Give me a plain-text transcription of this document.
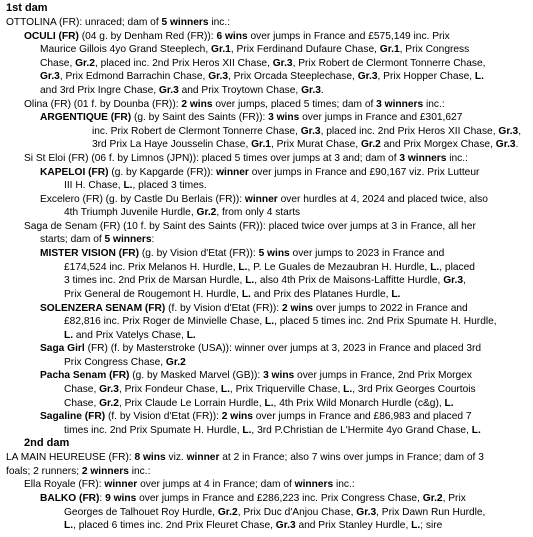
1st dam
OTTOLINA (FR): unraced; dam of 5 winners inc.:
OCULI (FR) (04 g. by Denham Red (FR)): 6 wins over jumps in France and £575,149 inc. Prix
Maurice Gillois 4yo Grand Steeplech, Gr.1, Prix Ferdinand Dufaure Chase, Gr.1, Prix Congress
Chase, Gr.2, placed inc. 2nd Prix Heros XII Chase, Gr.3, Prix Robert de Clermont Tonnerre Chase,
Gr.3, Prix Edmond Barrachin Chase, Gr.3, Prix Orcada Steeplechase, Gr.3, Prix Hopper Chase, L.
and 3rd Prix Ingre Chase, Gr.3 and Prix Troytown Chase, Gr.3.
Olina (FR) (01 f. by Dounba (FR)): 2 wins over jumps, placed 5 times; dam of 3 winners inc.:
ARGENTIQUE (FR) (g. by Saint des Saints (FR)): 3 wins over jumps in France and £301,627
inc. Prix Robert de Clermont Tonnerre Chase, Gr.3, placed inc. 2nd Prix Heros XII Chase, Gr.3,
3rd Prix La Haye Jousselin Chase, Gr.1, Prix Murat Chase, Gr.2 and Prix Morgex Chase, Gr.3.
Si St Eloi (FR) (06 f. by Limnos (JPN)): placed 5 times over jumps at 3 and; dam of 3 winners inc.:
KAPELOI (FR) (g. by Kapgarde (FR)): winner over jumps in France and £90,167 viz. Prix Lutteur
III H. Chase, L., placed 3 times.
Excelero (FR) (g. by Castle Du Berlais (FR)): winner over hurdles at 4, 2024 and placed twice, also
4th Triumph Juvenile Hurdle, Gr.2, from only 4 starts
Saga de Senam (FR) (10 f. by Saint des Saints (FR)): placed twice over jumps at 3 in France, all her
starts; dam of 5 winners:
MISTER VISION (FR) (g. by Vision d'Etat (FR)): 5 wins over jumps to 2023 in France and
£174,524 inc. Prix Melanos H. Hurdle, L., P. Le Guales de Mezaubran H. Hurdle, L., placed
3 times inc. 2nd Prix de Marsan Hurdle, L., also 4th Prix de Maisons-Laffitte Hurdle, Gr.3,
Prix General de Rougemont H. Hurdle, L. and Prix des Platanes Hurdle, L.
SOLENZERA SENAM (FR) (f. by Vision d'Etat (FR)): 2 wins over jumps to 2022 in France and
£82,816 inc. Prix Roger de Minvielle Chase, L., placed 5 times inc. 2nd Prix Spumate H. Hurdle,
L. and Prix Vatelys Chase, L.
Saga Girl (FR) (f. by Masterstroke (USA)): winner over jumps at 3, 2023 in France and placed 3rd
Prix Congress Chase, Gr.2
Pacha Senam (FR) (g. by Masked Marvel (GB)): 3 wins over jumps in France, 2nd Prix Morgex
Chase, Gr.3, Prix Fondeur Chase, L., Prix Triquerville Chase, L., 3rd Prix Georges Courtois
Chase, Gr.2, Prix Claude Le Lorrain Hurdle, L., 4th Prix Wild Monarch Hurdle (c&g), L.
Sagaline (FR) (f. by Vision d'Etat (FR)): 2 wins over jumps in France and £86,983 and placed 7
times inc. 2nd Prix Spumate H. Hurdle, L., 3rd P.Christian de L'Hermite 4yo Grand Chase, L.
2nd dam
LA MAIN HEUREUSE (FR): 8 wins viz. winner at 2 in France; also 7 wins over jumps in France; dam of 3
foals; 2 runners; 2 winners inc.:
Ella Royale (FR): winner over jumps at 4 in France; dam of winners inc.:
BALKO (FR): 9 wins over jumps in France and £286,223 inc. Prix Congress Chase, Gr.2, Prix
Georges de Talhouet Roy Hurdle, Gr.2, Prix Duc d'Anjou Chase, Gr.3, Prix Dawn Run Hurdle,
L., placed 6 times inc. 2nd Prix Fleuret Chase, Gr.3 and Prix Stanley Hurdle, L.; sire
